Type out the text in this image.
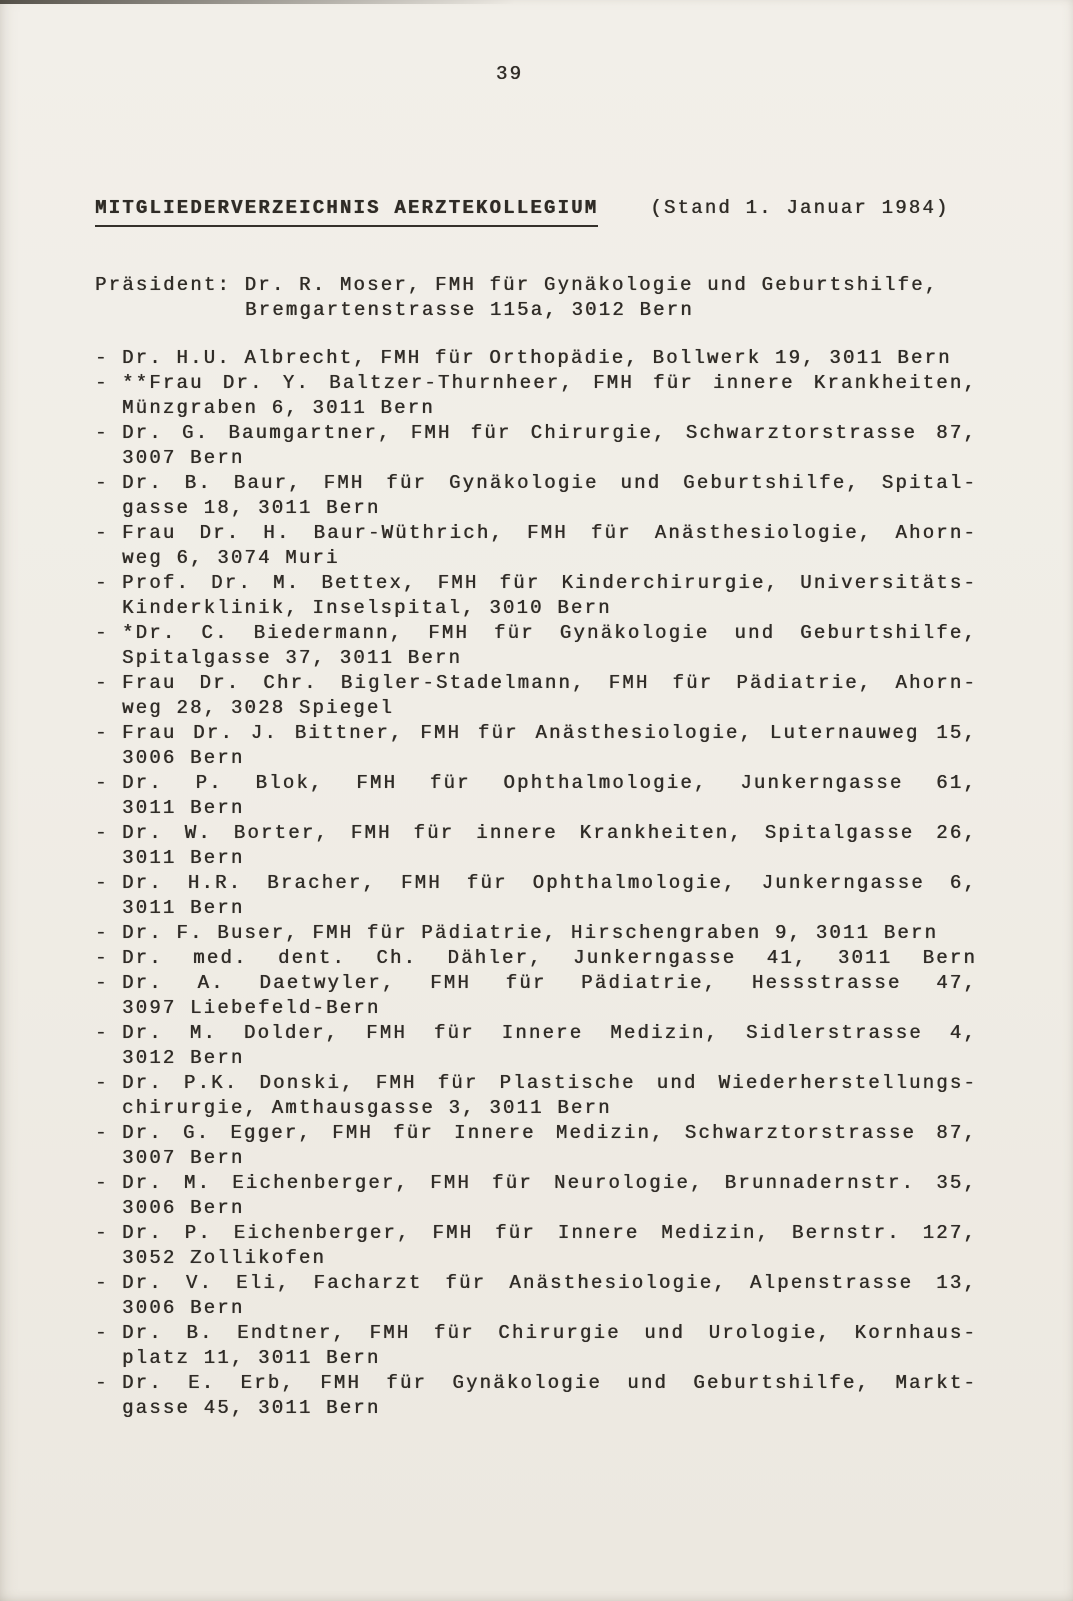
39
MITGLIEDERVERZEICHNIS AERZTEKOLLEGIUM	(Stand 1. Januar 1984)
Präsident: Dr. R. Moser, FMH für Gynäkologie und Geburtshilfe,
Bremgartenstrasse 115a, 3012 Bern
- Dr. H.U. Albrecht, FMH für Orthopädie, Bollwerk 19, 3011 Bern
- **Frau Dr. Y. Baltzer-Thurnheer, FMH für innere Krankheiten,
Münzgraben 6, 3011 Bern
- Dr. G. Baumgartner, FMH für Chirurgie, Schwarztorstrasse 87,
3007 Bern
- Dr. B. Baur, FMH für Gynäkologie und Geburtshilfe, Spital-
gasse 18, 3011 Bern
- Frau Dr. H. Baur-Wüthrich, FMH für Anästhesiologie, Ahorn-
weg 6, 3074 Muri
- Prof. Dr. M. Bettex, FMH für Kinderchirurgie, Universitäts-
Kinderklinik, Inselspital, 3010 Bern
- *Dr. C. Biedermann, FMH für Gynäkologie und Geburtshilfe,
Spitalgasse 37, 3011 Bern
- Frau Dr. Chr. Bigler-Stadelmann, FMH für Pädiatrie, Ahorn-
weg 28, 3028 Spiegel
- Frau Dr. J. Bittner, FMH für Anästhesiologie, Luternauweg 15,
3006 Bern
- Dr. P. Blok, FMH für Ophthalmologie, Junkerngasse 61,
3011 Bern
- Dr. W. Borter, FMH für innere Krankheiten, Spitalgasse 26,
3011 Bern
- Dr. H.R. Bracher, FMH für Ophthalmologie, Junkerngasse 6,
3011 Bern
- Dr. F. Buser, FMH für Pädiatrie, Hirschengraben 9, 3011 Bern
- Dr. med. dent. Ch. Dähler, Junkerngasse 41, 3011 Bern
- Dr. A. Daetwyler, FMH für Pädiatrie, Hessstrasse 47,
3097 Liebefeld-Bern
- Dr. M. Dolder, FMH für Innere Medizin, Sidlerstrasse 4,
3012 Bern
- Dr. P.K. Donski, FMH für Plastische und Wiederherstellungs-
chirurgie, Amthausgasse 3, 3011 Bern
- Dr. G. Egger, FMH für Innere Medizin, Schwarztorstrasse 87,
3007 Bern
- Dr. M. Eichenberger, FMH für Neurologie, Brunnadernstr. 35,
3006 Bern
- Dr. P. Eichenberger, FMH für Innere Medizin, Bernstr. 127,
3052 Zollikofen
- Dr. V. Eli, Facharzt für Anästhesiologie, Alpenstrasse 13,
3006 Bern
- Dr. B. Endtner, FMH für Chirurgie und Urologie, Kornhaus-
platz 11, 3011 Bern
- Dr. E. Erb, FMH für Gynäkologie und Geburtshilfe, Markt-
gasse 45, 3011 Bern
